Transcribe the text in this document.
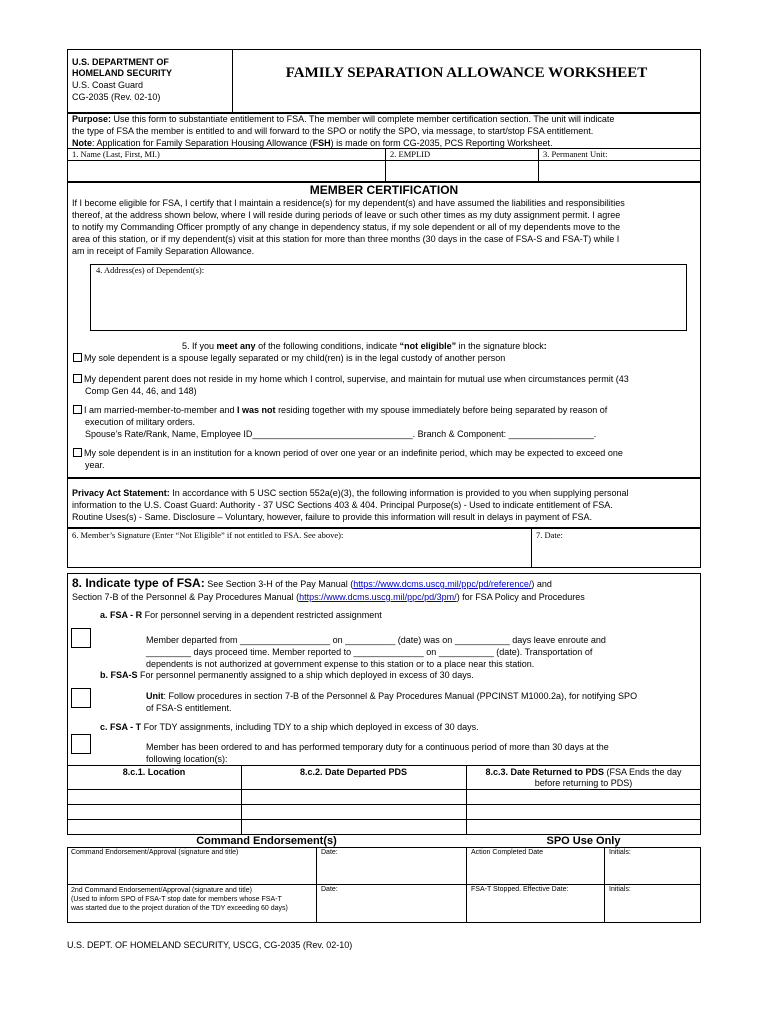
U.S. DEPARTMENT OF
HOMELAND SECURITY
U.S. Coast Guard
CG-2035 (Rev. 02-10)
FAMILY SEPARATION ALLOWANCE WORKSHEET
Purpose: Use this form to substantiate entitlement to FSA. The member will complete member certification section. The unit will indicate
the type of FSA the member is entitled to and will forward to the SPO or notify the SPO, via message, to start/stop FSA entitlement.
Note: Application for Family Separation Housing Allowance (FSH) is made on form CG-2035, PCS Reporting Worksheet.
1. Name (Last, First, MI.)	2. EMPLID	3. Permanent Unit:
MEMBER CERTIFICATION
If I become eligible for FSA, I certify that I maintain a residence(s) for my dependent(s) and have assumed the liabilities and responsibilities
thereof, at the address shown below, where I will reside during periods of leave or such other times as my duty assignment permit. I agree
to notify my Commanding Officer promptly of any change in dependency status, if my sole dependent or all of my dependents move to the
area of this station, or if my dependent(s) visit at this station for more than three months (30 days in the case of FSA-S and FSA-T) while I
am in receipt of Family Separation Allowance.
4. Address(es) of Dependent(s):
5. If you meet any of the following conditions, indicate “not eligible” in the signature block:
My sole dependent is a spouse legally separated or my child(ren) is in the legal custody of another person
My dependent parent does not reside in my home which I control, supervise, and maintain for mutual use when circumstances permit (43
Comp Gen 44, 46, and 148)
I am married-member-to-member and I was not residing together with my spouse immediately before being separated by reason of
execution of military orders.
Spouse’s Rate/Rank, Name, Employee ID________________________________. Branch & Component: _________________.
My sole dependent is in an institution for a known period of over one year or an indefinite period, which may be expected to exceed one
year.
Privacy Act Statement: In accordance with 5 USC section 552a(e)(3), the following information is provided to you when supplying personal
information to the U.S. Coast Guard: Authority - 37 USC Sections 403 & 404. Principal Purpose(s) - Used to indicate entitlement of FSA.
Routine Uses(s) - Same. Disclosure – Voluntary, however, failure to provide this information will result in delays in payment of FSA.
6. Member’s Signature (Enter “Not Eligible” if not entitled to FSA. See above):	7. Date:
8. Indicate type of FSA: See Section 3-H of the Pay Manual (https://www.dcms.uscg.mil/ppc/pd/reference/) and
Section 7-B of the Personnel & Pay Procedures Manual (https://www.dcms.uscg.mil/ppc/pd/3pm/) for FSA Policy and Procedures
a. FSA - R For personnel serving in a dependent restricted assignment
Member departed from __________________ on __________ (date) was on ___________ days leave enroute and
_________ days proceed time. Member reported to ______________ on ___________ (date). Transportation of
dependents is not authorized at government expense to this station or to a place near this station.
b. FSA-S For personnel permanently assigned to a ship which deployed in excess of 30 days.
Unit: Follow procedures in section 7-B of the Personnel & Pay Procedures Manual (PPCINST M1000.2a), for notifying SPO
of FSA-S entitlement.
c. FSA - T For TDY assignments, including TDY to a ship which deployed in excess of 30 days.
Member has been ordered to and has performed temporary duty for a continuous period of more than 30 days at the
following location(s):
8.c.1. Location	8.c.2. Date Departed PDS	8.c.3. Date Returned to PDS (FSA Ends the day
before returning to PDS)
Command Endorsement(s)	SPO Use Only
Command Endorsement/Approval (signature and title)	Date:	Action Completed Date	Initials:
2nd Command Endorsement/Approval (signature and title)
(Used to inform SPO of FSA-T stop date for members whose FSA-T
was started due to the project duration of the TDY exceeding 60 days)
Date:	FSA-T Stopped. Effective Date:	Initials:
U.S. DEPT. OF HOMELAND SECURITY, USCG, CG-2035 (Rev. 02-10)
